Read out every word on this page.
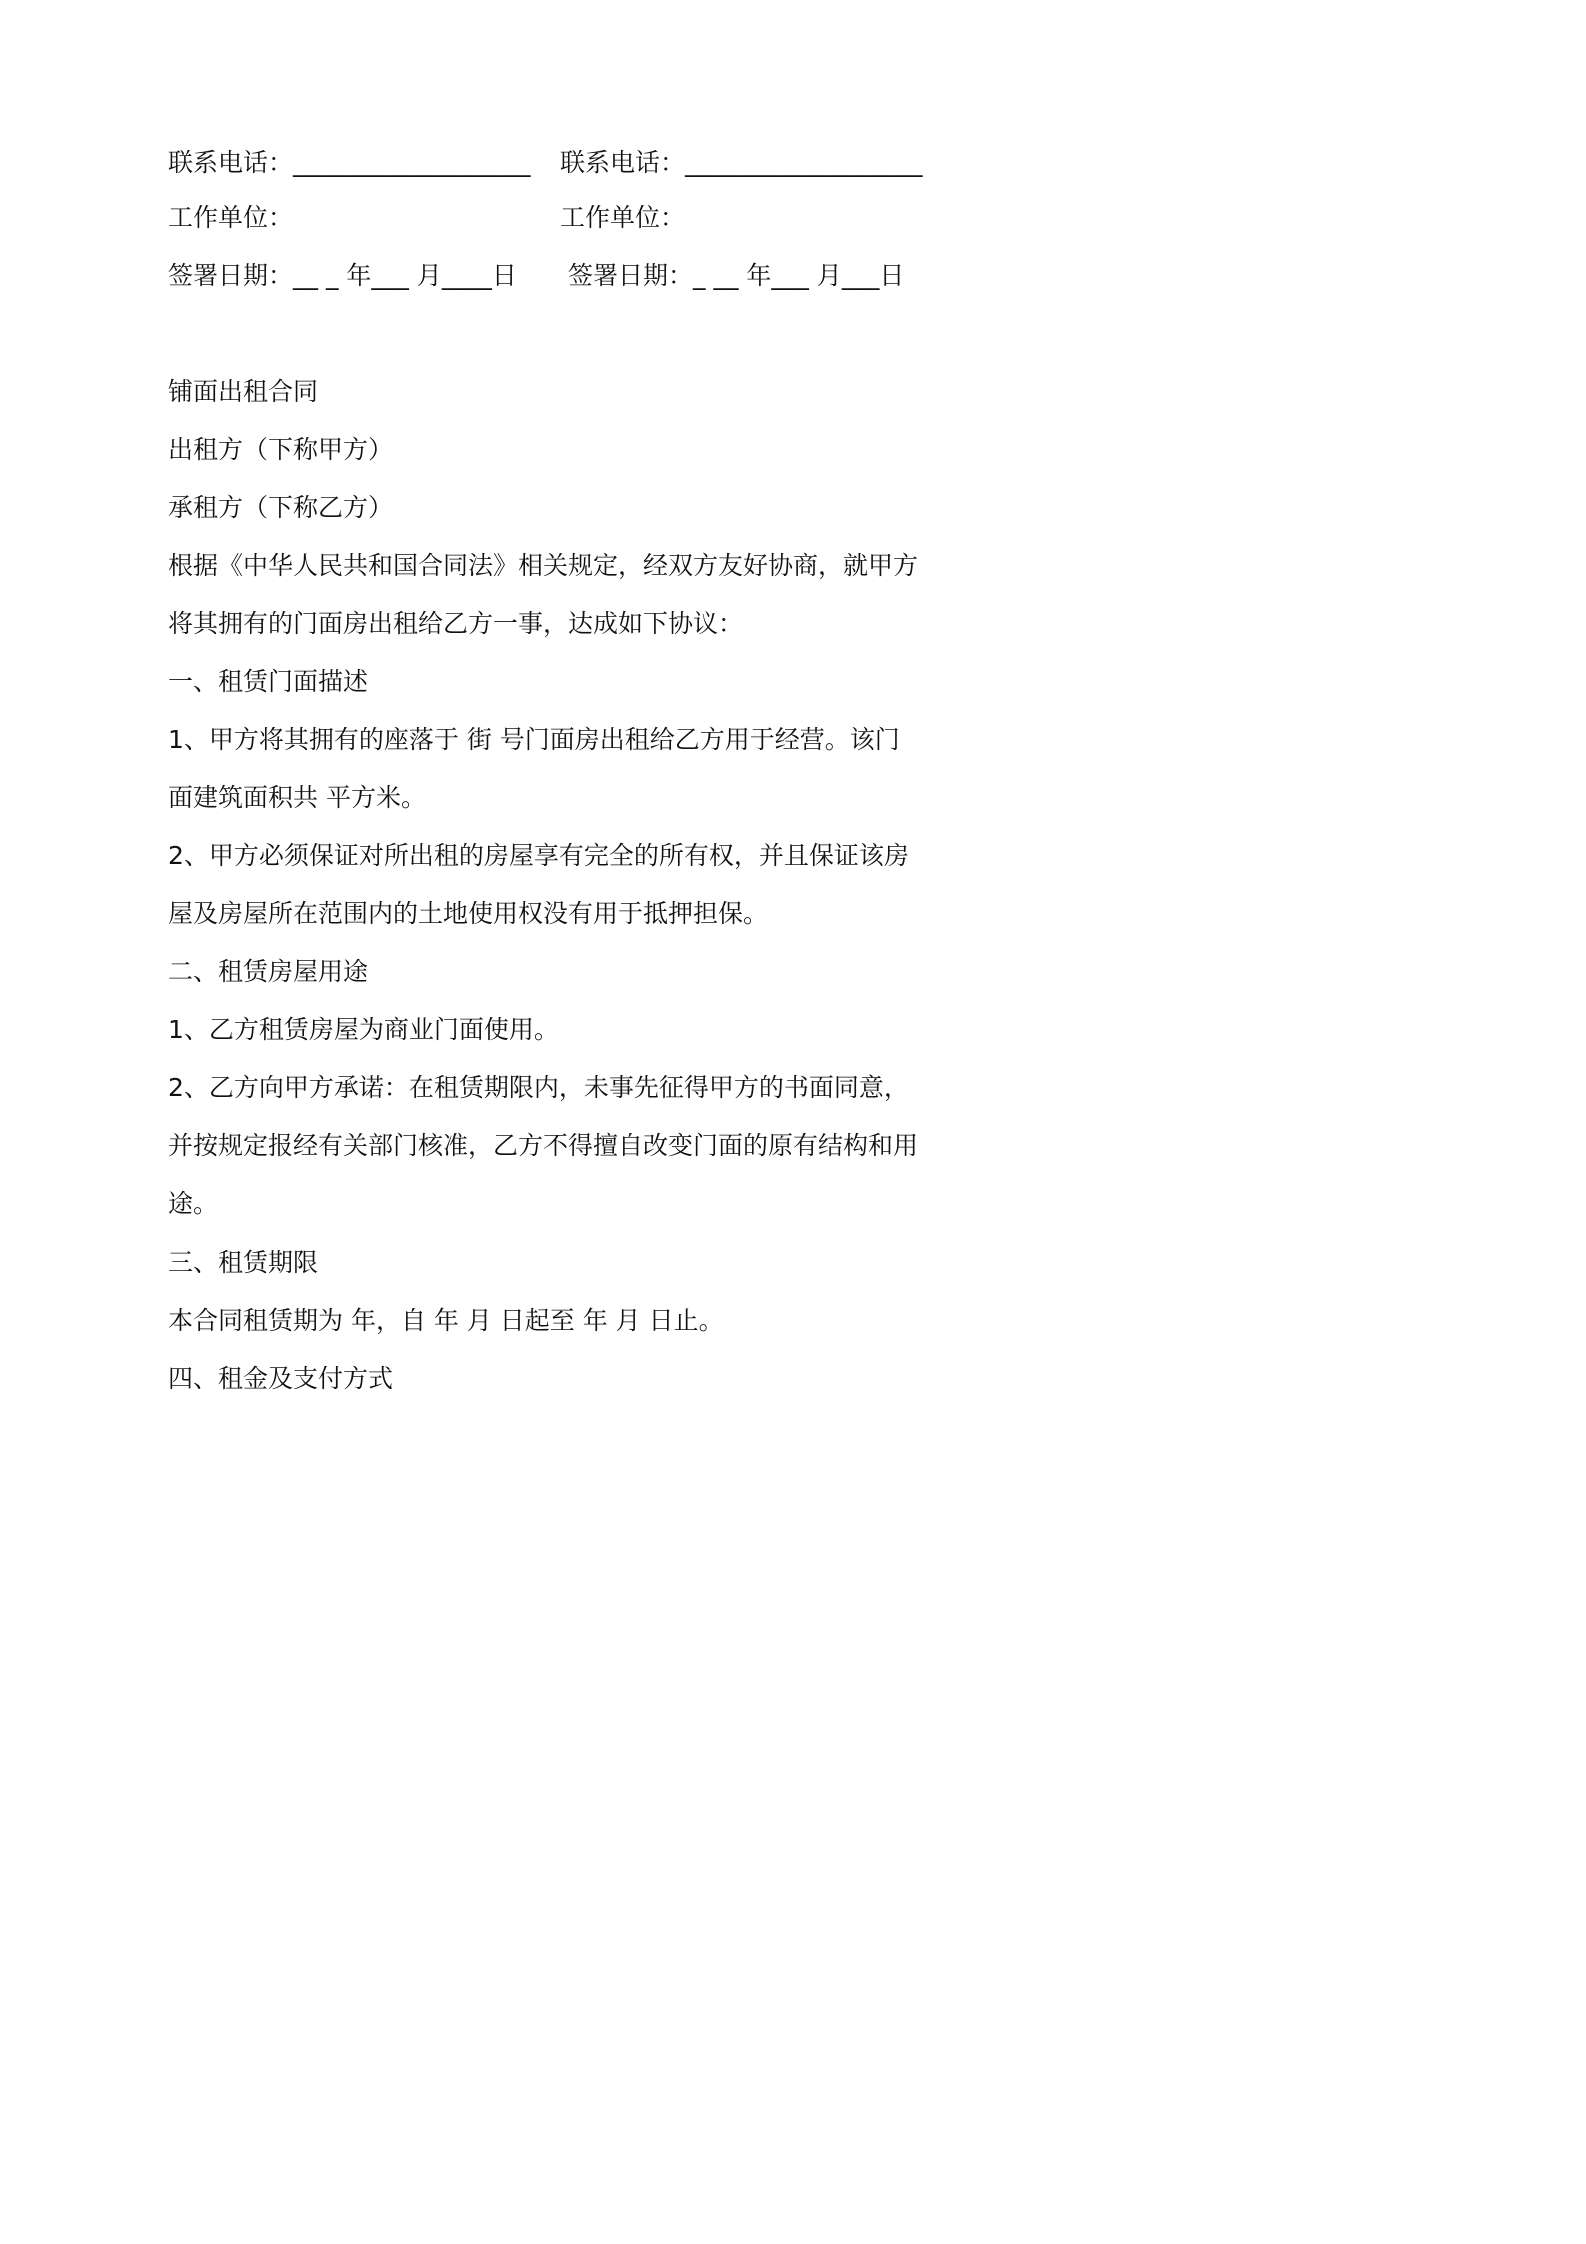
联系电话：___________________ 联系电话：___________________
工作单位：	工作单位：
签署日期：__ _ 年___ 月____日 签署日期：_ __ 年___ 月___日
铺面出租合同
出租方（下称甲方）
承租方（下称乙方）
根据《中华人民共和国合同法》相关规定，经双方友好协商，就甲方
将其拥有的门面房出租给乙方一事，达成如下协议：
一、租赁门面描述
1、甲方将其拥有的座落于 街 号门面房出租给乙方用于经营。该门
面建筑面积共 平方米。
2、甲方必须保证对所出租的房屋享有完全的所有权，并且保证该房
屋及房屋所在范围内的土地使用权没有用于抵押担保。
二、租赁房屋用途
1、乙方租赁房屋为商业门面使用。
2、乙方向甲方承诺：在租赁期限内，未事先征得甲方的书面同意，
并按规定报经有关部门核准，乙方不得擅自改变门面的原有结构和用
途。
三、租赁期限
本合同租赁期为 年，自 年 月 日起至 年 月 日止。
四、租金及支付方式
